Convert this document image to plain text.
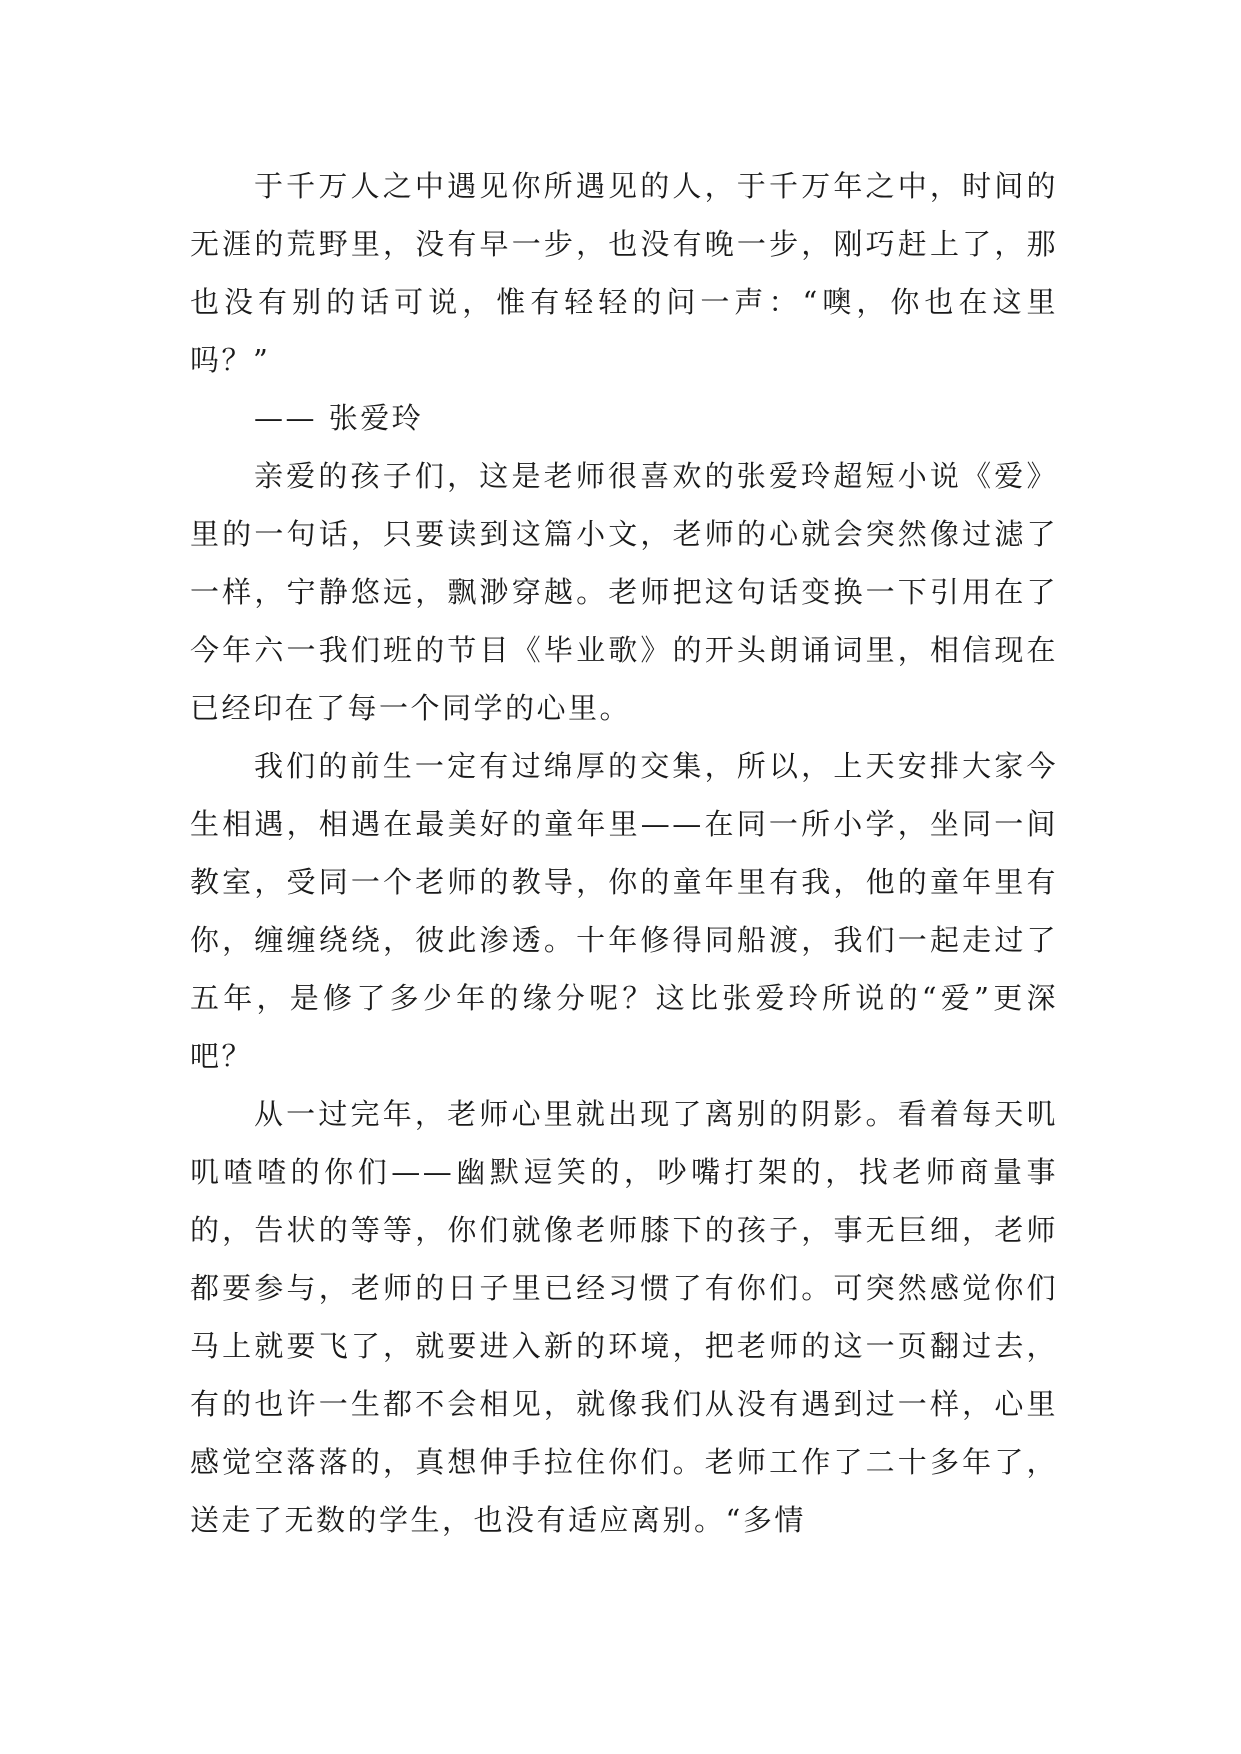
于千万人之中遇见你所遇见的人，于千万年之中，时间的无涯的荒野里，没有早一步，也没有晚一步，刚巧赶上了，那也没有别的话可说，惟有轻轻的问一声：“噢，你也在这里吗？”

—— 张爱玲

亲爱的孩子们，这是老师很喜欢的张爱玲超短小说《爱》里的一句话，只要读到这篇小文，老师的心就会突然像过滤了一样，宁静悠远，飘渺穿越。老师把这句话变换一下引用在了今年六一我们班的节目《毕业歌》的开头朗诵词里，相信现在已经印在了每一个同学的心里。

我们的前生一定有过绵厚的交集，所以，上天安排大家今生相遇，相遇在最美好的童年里——在同一所小学，坐同一间教室，受同一个老师的教导，你的童年里有我，他的童年里有你，缠缠绕绕，彼此渗透。十年修得同船渡，我们一起走过了五年，是修了多少年的缘分呢？这比张爱玲所说的“爱”更深吧？

从一过完年，老师心里就出现了离别的阴影。看着每天叽叽喳喳的你们——幽默逗笑的，吵嘴打架的，找老师商量事的，告状的等等，你们就像老师膝下的孩子，事无巨细，老师都要参与，老师的日子里已经习惯了有你们。可突然感觉你们马上就要飞了，就要进入新的环境，把老师的这一页翻过去，有的也许一生都不会相见，就像我们从没有遇到过一样，心里感觉空落落的，真想伸手拉住你们。老师工作了二十多年了，送走了无数的学生，也没有适应离别。“多情
